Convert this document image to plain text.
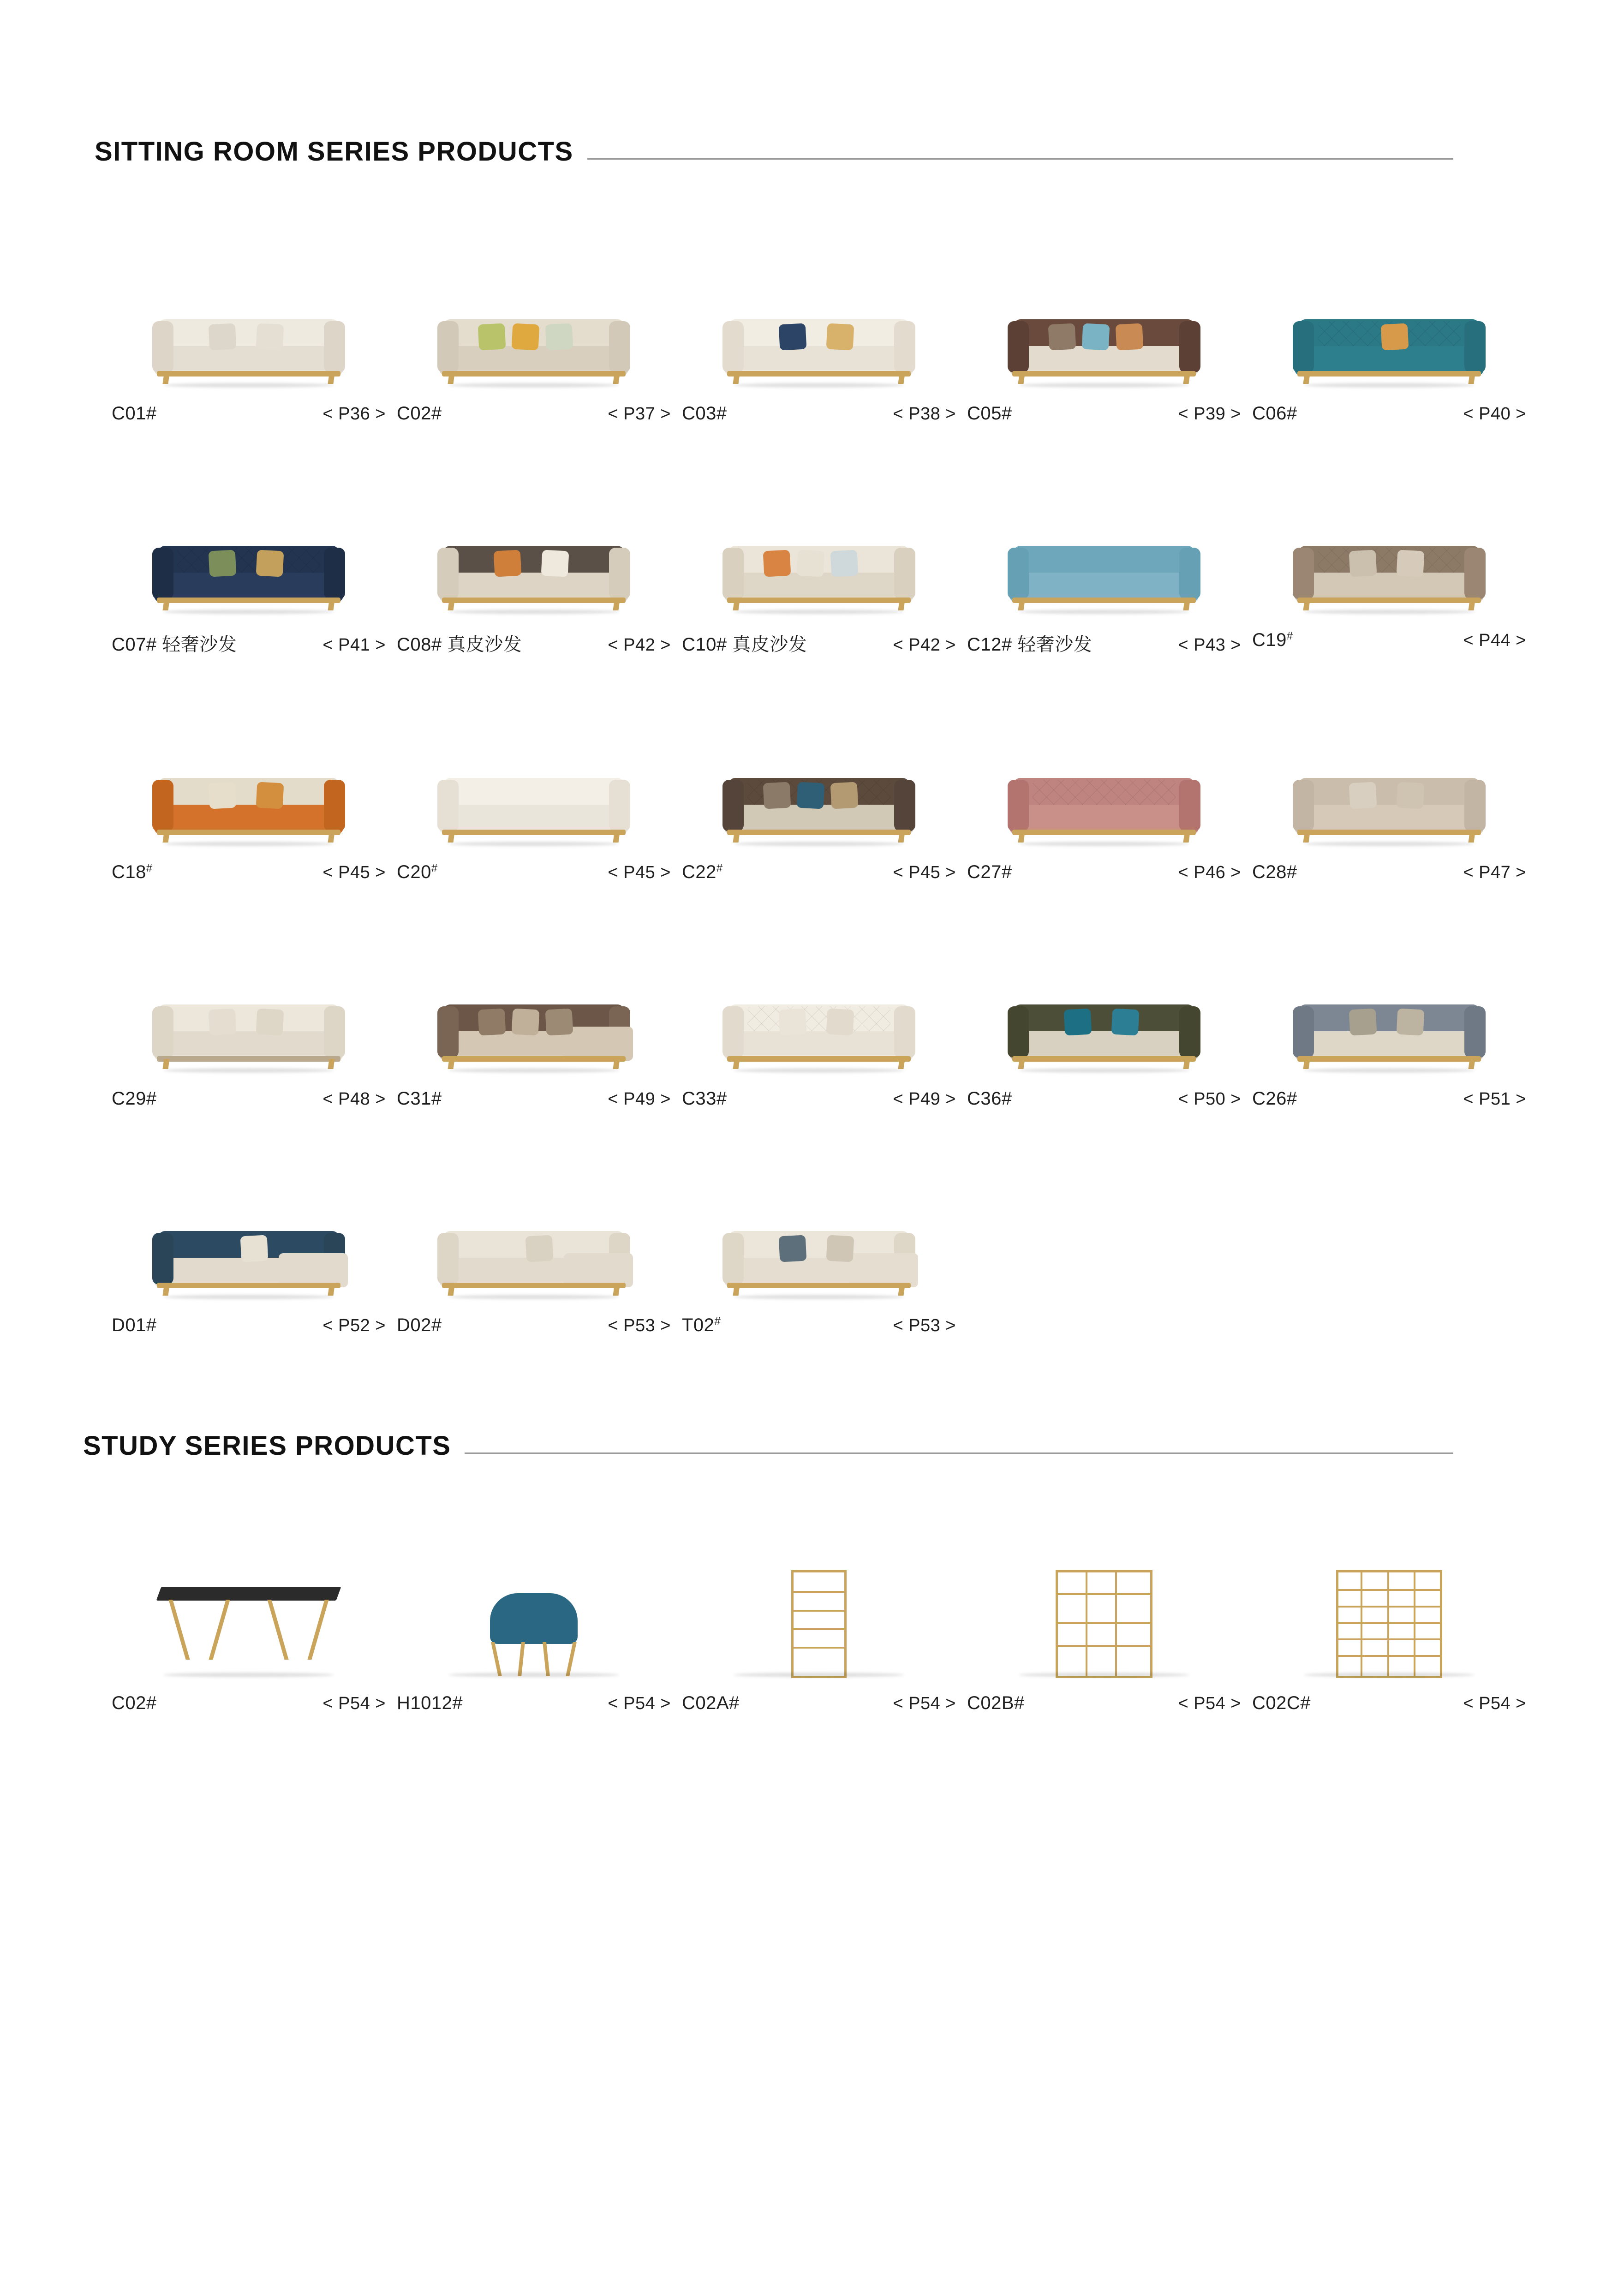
SITTING ROOM SERIES PRODUCTS
C01#	< P36 > C02#	< P37 > C03#	< P38 > C05#	< P39 > C06#	< P40 >
C07# 轻奢沙发	< P41 > C08# 真皮沙发	< P42 > C10# 真皮沙发	< P42 > C12# 轻奢沙发	< P43 > C19 #	< P44 >
C18 #	< P45 > C20 #	< P45 > C22 #	< P45 > C27#	< P46 > C28#	< P47 >
C29#	< P48 > C31#	< P49 > C33#	< P49 > C36#	< P50 > C26#	< P51 >
D01#	< P52 > D02#	< P53 > T02 #	< P53 >
STUDY SERIES PRODUCTS
C02#	< P54 > H1012#	< P54 > C02A#	< P54 > C02B#	< P54 > C02C#	< P54 >
